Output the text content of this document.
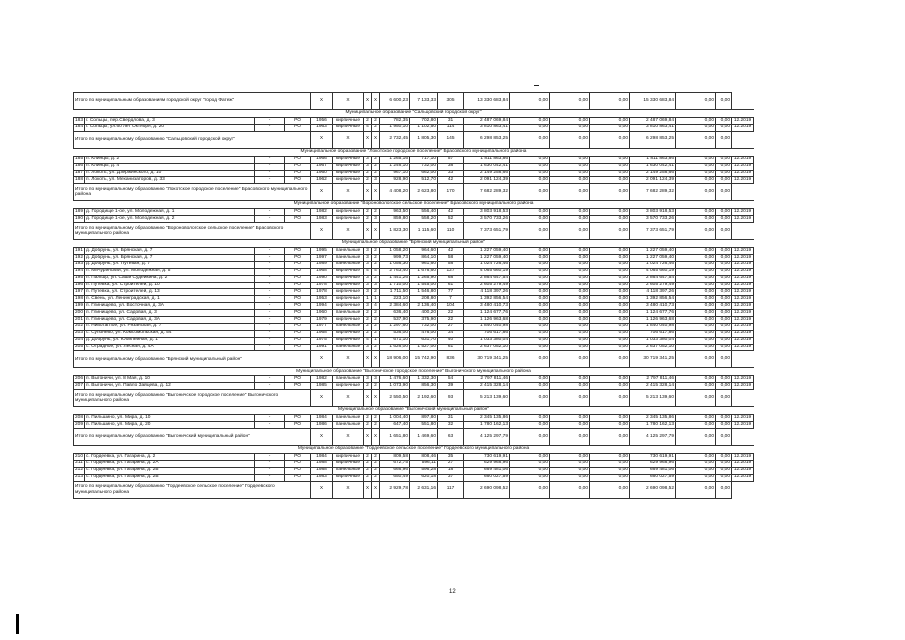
Итого по муниципальным образованиям городской округ "город Фатеж"				Х	Х	Х	Х	6 600,23	7 133,33	305	13 330 683,84	0,00	0,00	0,00	15 330 683,84	0,00	0,00	
Муниципальное образование "Сальцовский городской округ"																		
183	г. Сольцы, пер.Свердлова, д. 3	-	РО	1956	кирпичные	2	2	782,35	702,80	31	2 487 069,84	0,00	0,00	0,00	2 487 069,84	0,00	0,00	12.2019
184	г. Сольцы, ул.60 лет Октября, д. 20	-	РО	1963	кирпичные	4	2	1 950,10	1 102,50	114	3 810 863,41	0,00	0,00	0,00	3 810 863,41	0,00	0,00	12.2019
Итого по муниципальному образованию "Сальцовский городской округ"				Х	Х	Х	Х	2 732,45	1 805,30	145	6 298 853,25	0,00	0,00	0,00	6 298 853,25	0,00	0,00	
Муниципальное образование "Локотское городское поселение" Брасовского муниципального района																		
185	п. Клинцы, д. 2	-	РО	1966	кирпичные	3	2	1 265,16	717,10	57	1 811 863,86	0,00	0,00	0,00	1 811 863,86	0,00	0,00	12.2019
186	п. Клинцы, д. 4	-	РО	1967	кирпичные	3	2	1 246,10	732,00	38	1 630 042,41	0,00	0,00	0,00	1 630 042,41	0,00	0,00	12.2019
187	п. Локоть, ул. Дзержинского, д. 10	-	РО	1960	кирпичные	2	2	967,10	662,00	33	2 149 258,66	0,00	0,00	0,00	2 149 258,66	0,00	0,00	12.2019
188	п. Локоть, ул. Механизаторов, д. 33	-	РО	1962	кирпичные	2	3	928,90	512,70	42	2 091 124,39	0,00	0,00	0,00	2 091 124,39	0,00	0,00	12.2019
Итого по муниципальному образованию "Локотское городское поселение" Брасовского муниципального района				Х	Х	Х	Х	4 408,20	2 623,80	170	7 682 289,32	0,00	0,00	0,00	7 682 289,32	0,00	0,00	
Муниципальное образование "Вороновологское сельское поселение" Брасовского муниципального района																		
189	д. Городище 1-ое, ул. Молодежная, д. 1	-	РО	1982	кирпичные	2	2	963,50	556,40	42	3 803 918,53	0,00	0,00	0,00	3 803 918,53	0,00	0,00	12.2019
190	д. Городище 1-ое, ул. Молодежная, д. 2	-	РО	1983	кирпичные	2	3	859,80	558,20	52	3 570 733,26	0,00	0,00	0,00	3 570 733,26	0,00	0,00	12.2019
Итого по муниципальному образованию "Вороновологское сельское поселение" Брасовского муниципального района				Х	Х	Х	Х	1 823,30	1 115,60	110	7 373 651,79	0,00	0,00	0,00	7 373 651,79	0,00	0,00	
Муниципальное образование "Брянский муниципальный район"																		
191	д. Добрунь, ул. Брянская, д. 7	-	РО	1995	панельные	3	2	1 058,20	964,60	42	1 227 059,40	0,00	0,00	0,00	1 227 059,40	0,00	0,00	12.2019
192	д. Добрунь, ул. Брянская, д. 7	-	РО	1997	панельные	3	2	999,73	864,10	58	1 227 059,40	0,00	0,00	0,00	1 227 059,40	0,00	0,00	12.2019
193	д. Добрунь, ул. Путевая, д. 7	-	РО	1989	панельные	3	2	1 056,30	961,60	58	1 024 726,46	0,00	0,00	0,00	1 024 726,46	0,00	0,00	12.2019
194	п. Мичуринский, ул. Молодежная, д. 5	-	РО	1968	кирпичные	4	4	2 763,40	1 676,60	127	4 065 660,19	0,00	0,00	0,00	4 065 660,19	0,00	0,00	12.2019
195	п. Пальцо, ул. Саши Судейкина, д. 2	-	РО	1990	кирпичные	3	2	1 441,26	1 265,90	68	2 864 647,54	0,00	0,00	0,00	2 864 647,54	0,00	0,00	12.2019
196	п. Путевка, ул. Строителей, д. 10	-	РО	1978	кирпичные	3	3	1 710,00	1 545,00	61	2 605 279,49	0,00	0,00	0,00	2 605 279,49	0,00	0,00	12.2019
197	п. Путевка, ул. Строителей, д. 13	-	РО	1978	кирпичные	3	2	1 711,50	1 546,80	77	4 118 397,26	0,00	0,00	0,00	4 118 397,26	0,00	0,00	12.2019
198	п. Свень, ул. Ленинградская, д. 1	-	РО	1953	кирпичные	1	1	223,10	208,80	7	1 392 856,54	0,00	0,00	0,00	1 392 856,54	0,00	0,00	12.2019
199	п. Глинищево, ул. Восточная, д. 3А	-	РО	1994	кирпичные	3	4	2 384,60	2 136,40	104	3 480 410,73	0,00	0,00	0,00	3 480 410,73	0,00	0,00	12.2019
200	п. Глинищево, ул. Садовая, д. 3	-	РО	1960	панельные	2	2	636,40	400,20	22	1 124 677,76	0,00	0,00	0,00	1 124 677,76	0,00	0,00	12.2019
201	п. Глинищево, ул. Садовая, д. 3А	-	РО	1979	кирпичные	2	2	537,90	375,90	22	1 126 963,68	0,00	0,00	0,00	1 126 963,68	0,00	0,00	12.2019
202	п. Нивотаглое, ул. Рязанская, д. 7	-	РО	1977	панельные	2	2	1 297,60	732,00	27	1 840 040,98	0,00	0,00	0,00	1 840 040,98	0,00	0,00	12.2019
203	с. Супонево, ул. Комсомольская, д. 54	-	РО	1968	кирпичные	2	2	536,00	476,00	34	706 617,86	0,00	0,00	0,00	706 617,86	0,00	0,00	12.2019
204	д. Добрунь, ул. Юбилейная, д. 1	-	РО	1975	кирпичные	4	1	671,10	631,70	40	1 033 380,04	0,00	0,00	0,00	1 033 380,04	0,00	0,00	12.2019
205	с. Отрадное, ул. Лесная, д. 4А	-	РО	1991	панельные	3	2	1 626,00	1 527,00	61	2 637 052,10	0,00	0,00	0,00	2 637 052,10	0,00	0,00	12.2019
Итого по муниципальному образованию "Брянский муниципальный район"				Х	Х	Х	Х	18 906,00	15 742,90	836	30 719 341,25	0,00	0,00	0,00	30 719 341,25	0,00	0,00	
Муниципальное образование "Выгоничское городское поселение" Выгоничского муниципального района																		
206	п. Выгоничи, ул. 8 Мая, д. 10	-	РО	1982	панельные	3	3	1 476,60	1 332,30	54	2 797 811,46	0,00	0,00	0,00	2 797 811,46	0,00	0,00	12.2019
207	п. Выгоничи, ул. Павло Зайцева, д. 12	-	РО	1985	кирпичные	2	2	1 073,90	856,30	39	2 415 328,14	0,00	0,00	0,00	2 415 328,14	0,00	0,00	12.2019
Итого по муниципальному образованию "Выгоничское городское поселение" Выгоничского муниципального района				Х	Х	Х	Х	2 550,50	2 192,60	93	5 213 139,60	0,00	0,00	0,00	5 213 139,60	0,00	0,00	
Муниципальное образование "Выгоничский муниципальный район"																		
208	п. Пильшино, ул. Мира, д. 10	-	РО	1984	панельные	2	2	1 004,40	897,80	31	2 345 135,86	0,00	0,00	0,00	2 345 135,86	0,00	0,00	12.2019
209	п. Пильшино, ул. Мира, д. 20	-	РО	1986	панельные	2	2	647,40	551,80	32	1 780 162,13	0,00	0,00	0,00	1 780 162,13	0,00	0,00	12.2019
Итого по муниципальному образованию "Выгоничский муниципальный район"				Х	Х	Х	Х	1 651,80	1 469,60	63	4 125 297,79	0,00	0,00	0,00	4 125 297,79	0,00	0,00	
Муниципальное образование "Гордеевское сельское поселение" Гордеевского муниципального района																		
210	с. Гордеевка, ул. Гагарина, д. 2	-	РО	1984	кирпичные	2	2	809,58	808,46	35	730 619,91	0,00	0,00	0,00	730 619,91	0,00	0,00	12.2019
211	с. Гордеевка, ул. Гагарина, д. 2А	-	РО	1988	кирпичные	2	2	672,75	596,11	27	629 968,96	0,00	0,00	0,00	629 968,96	0,00	0,00	12.2019
212	с. Гордеевка, ул. Гагарина, д. 2Б	-	РО	1988	панельные	2	2	666,96	596,28	18	669 481,06	0,00	0,00	0,00	669 481,06	0,00	0,00	12.2019
213	с. Гордеевка, ул. Гагарина, д. 2В	-	РО	1983	кирпичные	2	2	650,49	620,18	37	660 027,59	0,00	0,00	0,00	660 027,59	0,00	0,00	12.2019
Итого по муниципальному образованию "Гордеевское сельское поселение" Гордеевского муниципального района				Х	Х	Х	Х	2 929,78	2 631,16	117	2 690 098,52	0,00	0,00	0,00	2 690 098,52	0,00	0,00	
12
